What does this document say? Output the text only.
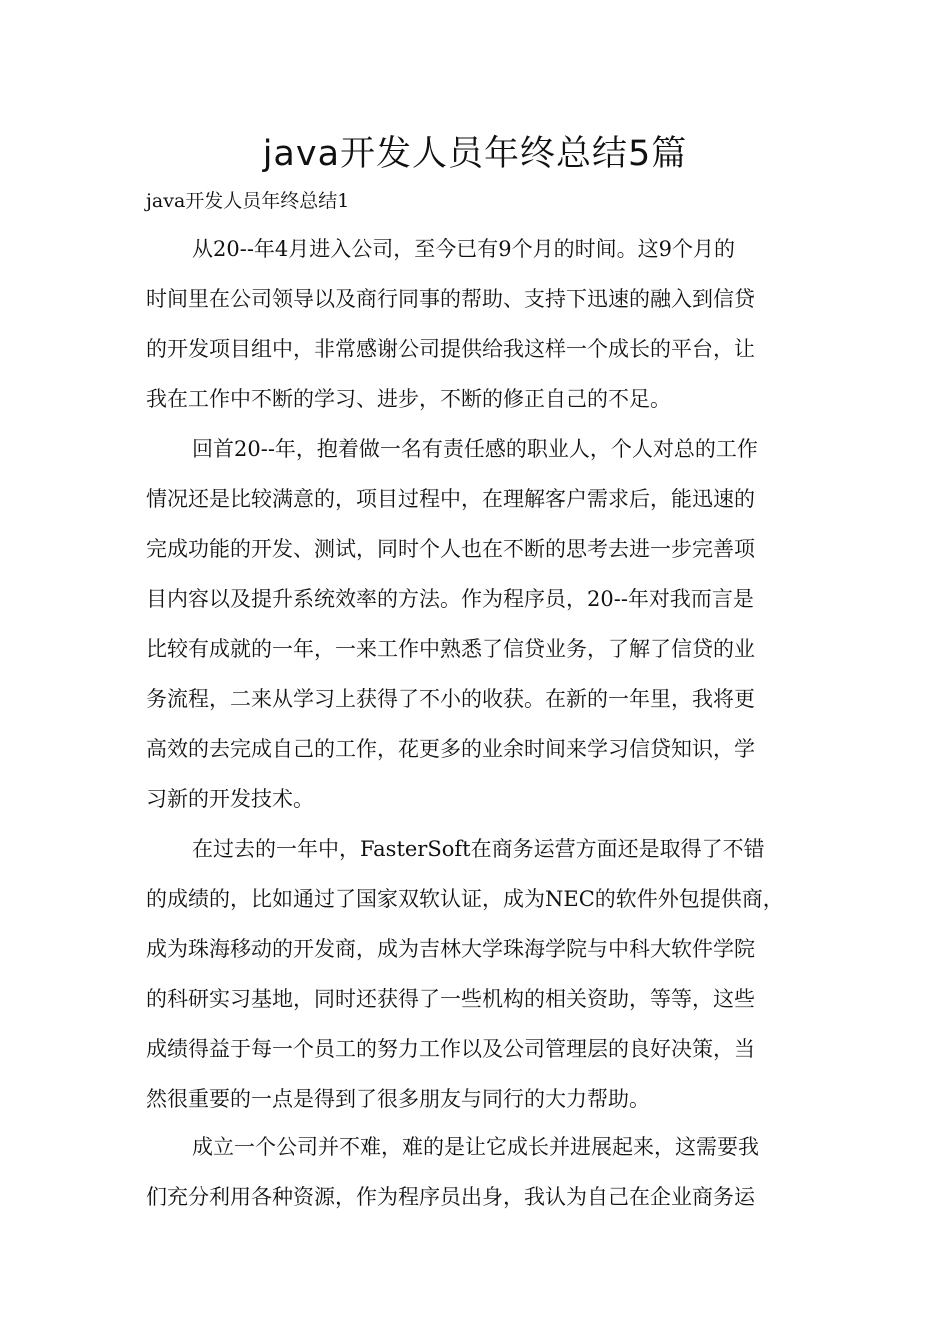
java开发人员年终总结5篇

java开发人员年终总结1

从20--年4月进入公司，至今已有9个月的时间。这9个月的
时间里在公司领导以及商行同事的帮助、支持下迅速的融入到信贷
的开发项目组中，非常感谢公司提供给我这样一个成长的平台，让
我在工作中不断的学习、进步，不断的修正自己的不足。
回首20--年，抱着做一名有责任感的职业人，个人对总的工作
情况还是比较满意的，项目过程中，在理解客户需求后，能迅速的
完成功能的开发、测试，同时个人也在不断的思考去进一步完善项
目内容以及提升系统效率的方法。作为程序员，20--年对我而言是
比较有成就的一年，一来工作中熟悉了信贷业务，了解了信贷的业
务流程，二来从学习上获得了不小的收获。在新的一年里，我将更
高效的去完成自己的工作，花更多的业余时间来学习信贷知识，学
习新的开发技术。
在过去的一年中，FasterSoft在商务运营方面还是取得了不错
的成绩的，比如通过了国家双软认证，成为NEC的软件外包提供商，
成为珠海移动的开发商，成为吉林大学珠海学院与中科大软件学院
的科研实习基地，同时还获得了一些机构的相关资助，等等，这些
成绩得益于每一个员工的努力工作以及公司管理层的良好决策，当
然很重要的一点是得到了很多朋友与同行的大力帮助。
成立一个公司并不难，难的是让它成长并进展起来，这需要我
们充分利用各种资源，作为程序员出身，我认为自己在企业商务运
